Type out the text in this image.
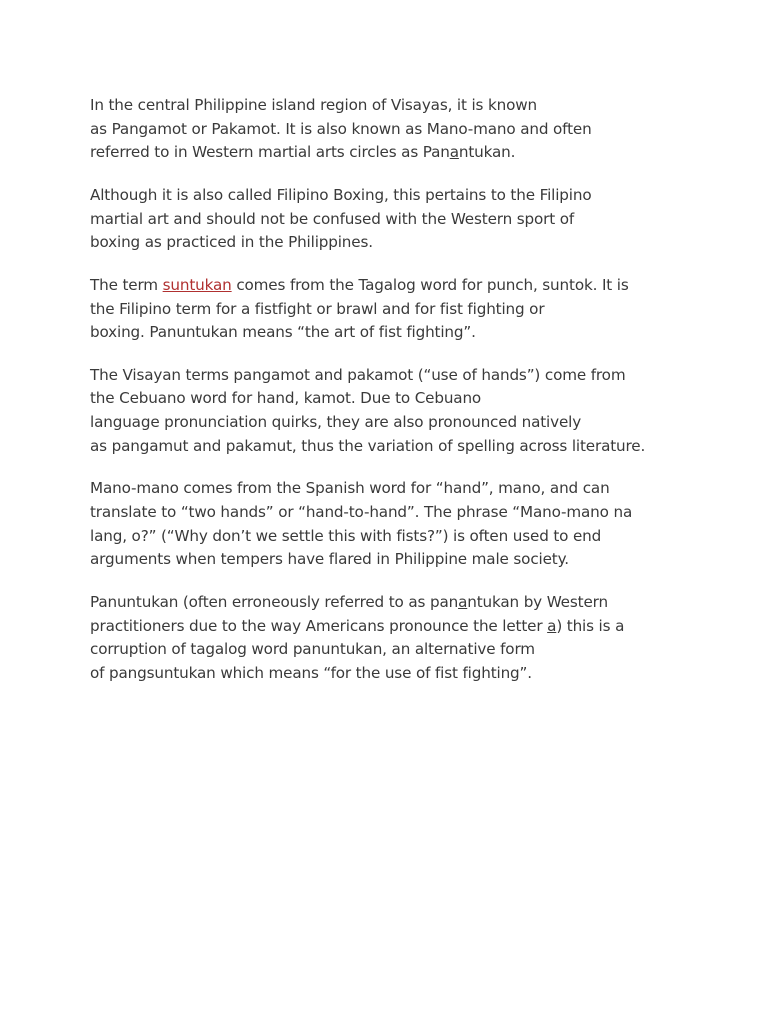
In the central Philippine island region of Visayas, it is known
as Pangamot or Pakamot. It is also known as Mano-mano and often
referred to in Western martial arts circles as Panantukan.

Although it is also called Filipino Boxing, this pertains to the Filipino
martial art and should not be confused with the Western sport of
boxing as practiced in the Philippines.

The term suntukan comes from the Tagalog word for punch, suntok. It is
the Filipino term for a fistfight or brawl and for fist fighting or
boxing. Panuntukan means “the art of fist fighting”.

The Visayan terms pangamot and pakamot (“use of hands”) come from
the Cebuano word for hand, kamot. Due to Cebuano
language pronunciation quirks, they are also pronounced natively
as pangamut and pakamut, thus the variation of spelling across literature.

Mano-mano comes from the Spanish word for “hand”, mano, and can
translate to “two hands” or “hand-to-hand”. The phrase “Mano-mano na
lang, o?” (“Why don’t we settle this with fists?”) is often used to end
arguments when tempers have flared in Philippine male society.

Panuntukan (often erroneously referred to as panantukan by Western
practitioners due to the way Americans pronounce the letter a) this is a
corruption of tagalog word panuntukan, an alternative form
of pangsuntukan which means “for the use of fist fighting”.
